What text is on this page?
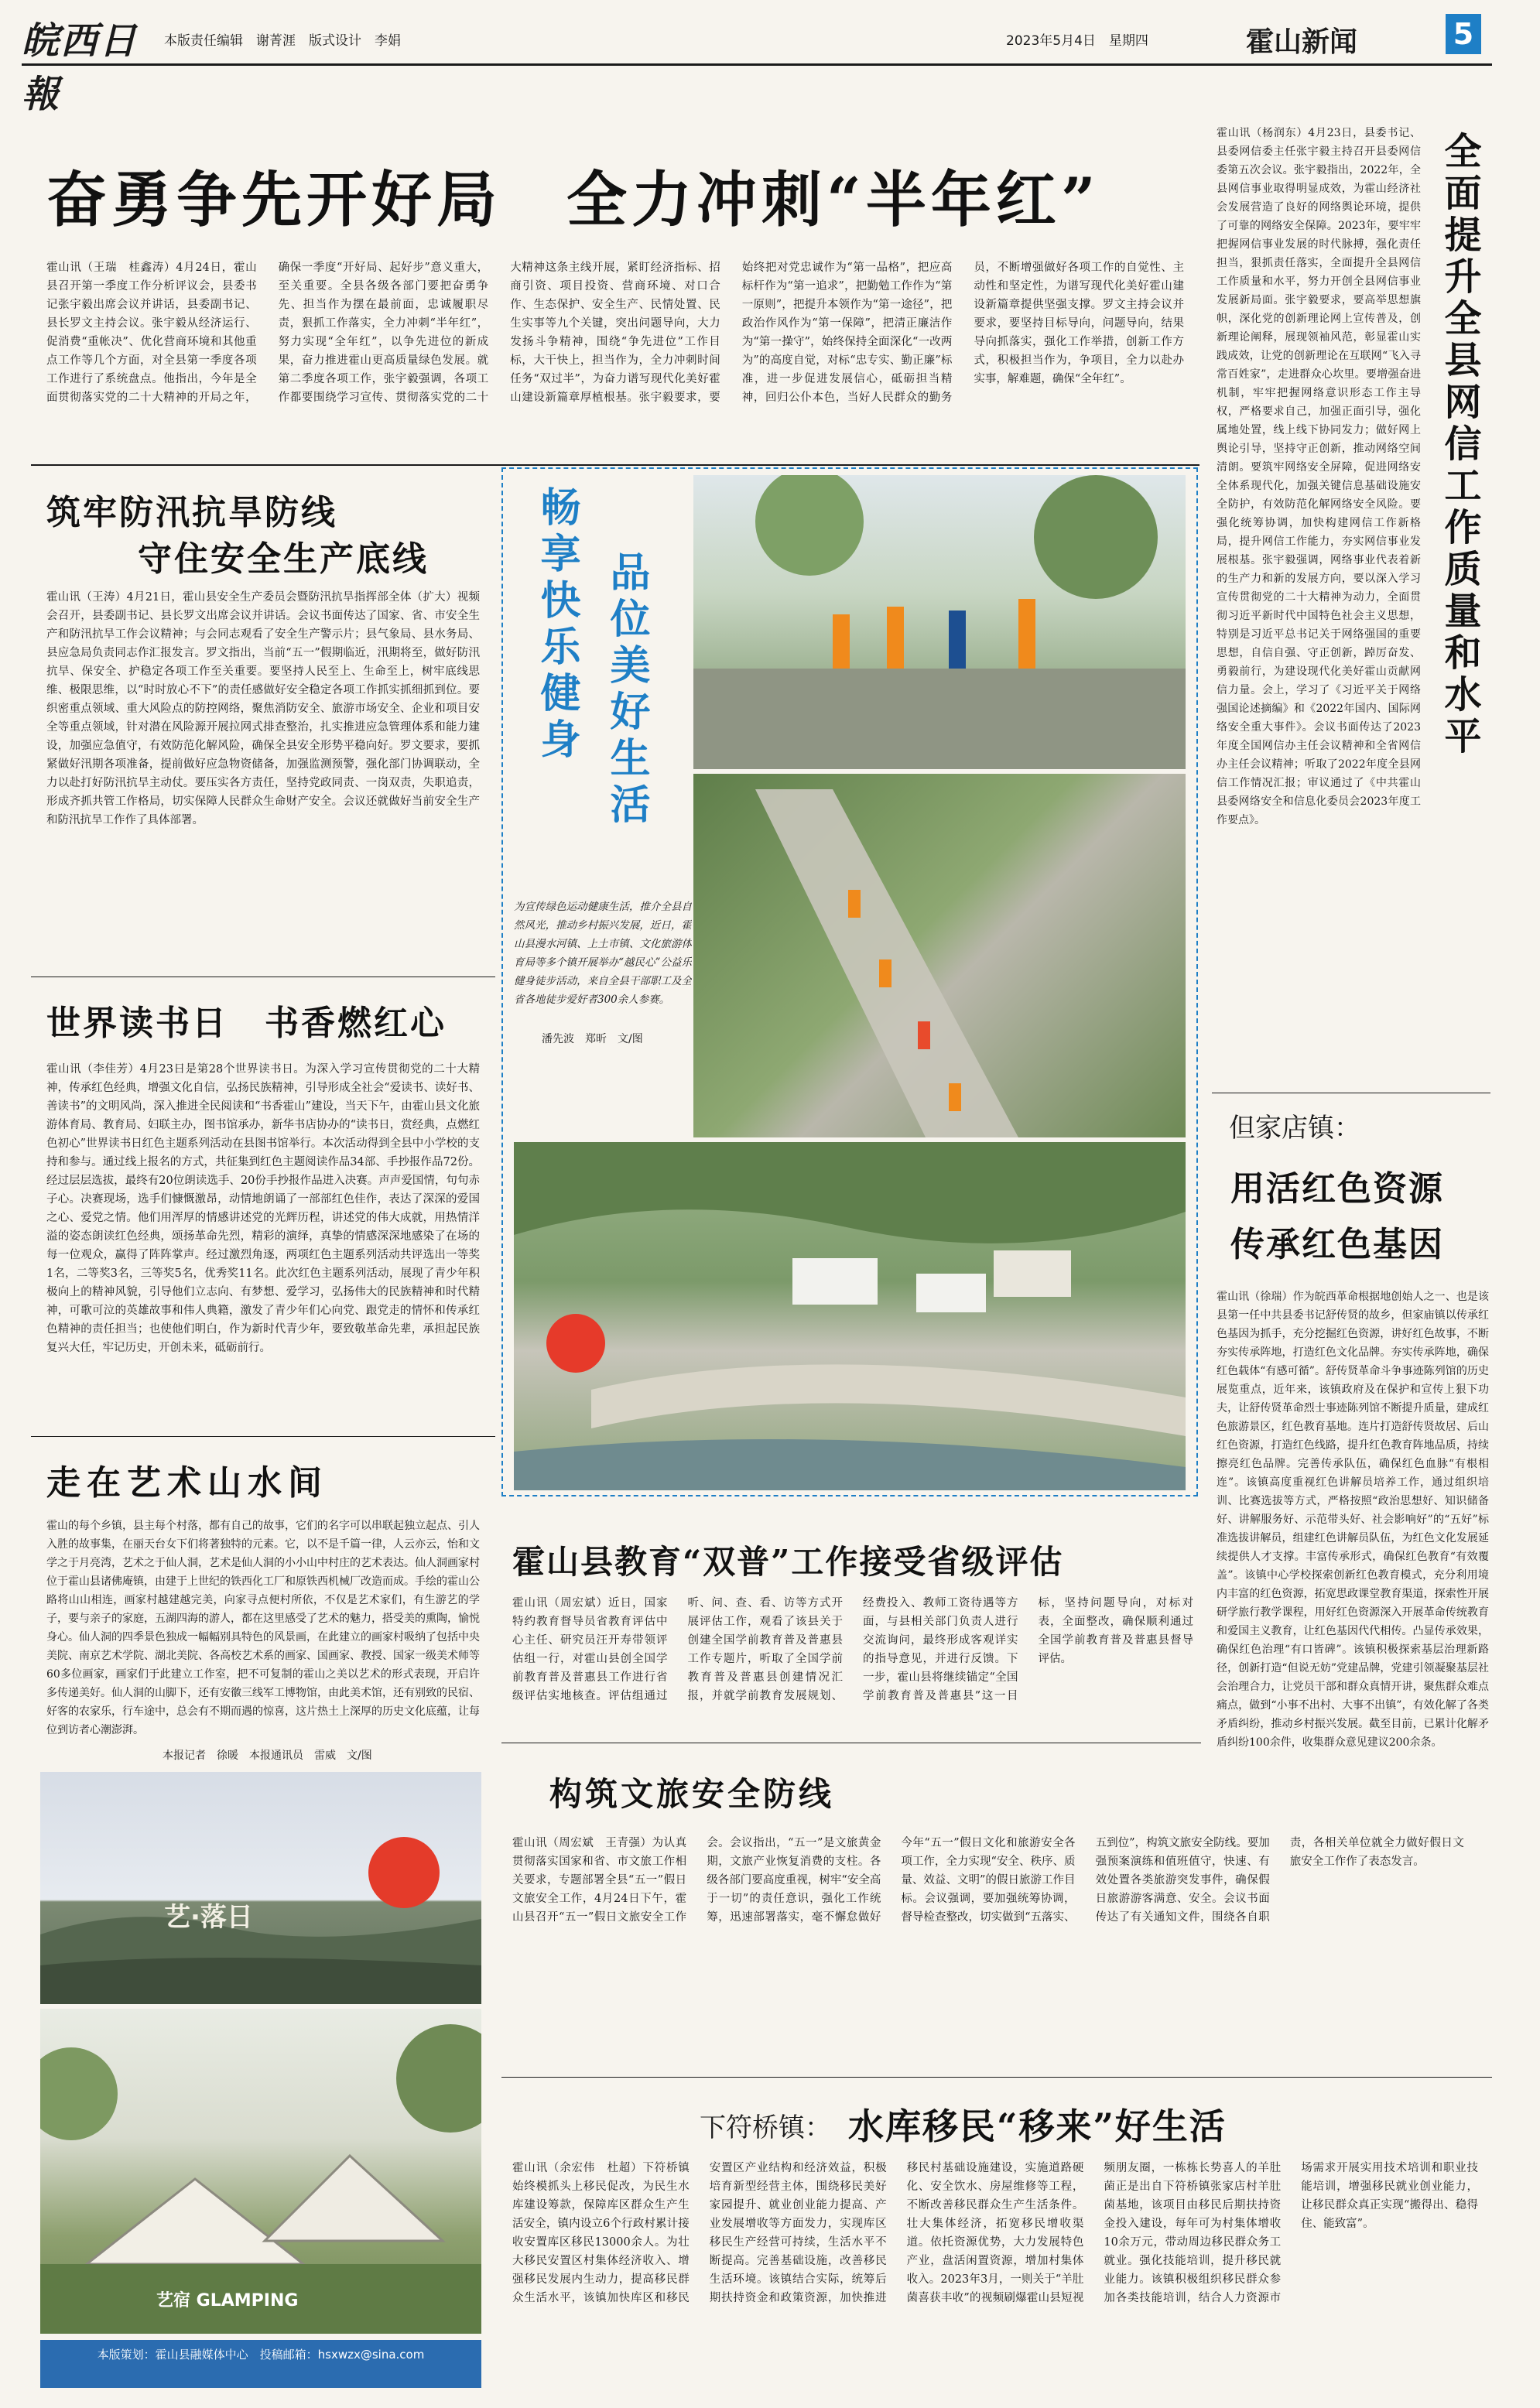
皖西日報
本版责任编辑　谢菁涯　版式设计　李娟	2023年5月4日　星期四	霍山新闻	5
奋勇争先开好局　全力冲刺“半年红”
霍山讯（王瑞　桂鑫涛）4月24日，霍山县召开第一季度工作分析评议会，县委书记张宇毅出席会议并讲话，县委副书记、县长罗文主持会议。张宇毅从经济运行、促消费“重帐决”、优化营商环境和其他重点工作等几个方面，对全县第一季度各项工作进行了系统盘点。他指出，今年是全面贯彻落实党的二十大精神的开局之年，确保一季度“开好局、起好步”意义重大，至关重要。全县各级各部门要把奋勇争先、担当作为摆在最前面，忠诚履职尽责，狠抓工作落实，全力冲刺“半年红”，努力实现“全年红”，以争先进位的新成果，奋力推进霍山更高质量绿色发展。就第二季度各项工作，张宇毅强调，各项工作都要围绕学习宣传、贯彻落实党的二十大精神这条主线开展，紧盯经济指标、招商引资、项目投资、营商环境、对口合作、生态保护、安全生产、民情处置、民生实事等九个关键，突出问题导向，大力发扬斗争精神，围绕“争先进位”工作目标，大干快上，担当作为，全力冲刺时间任务“双过半”，为奋力谱写现代化美好霍山建设新篇章厚植根基。张宇毅要求，要始终把对党忠诚作为“第一品格”，把应高标杆作为“第一追求”，把勤勉工作作为“第一原则”，把提升本领作为“第一途径”，把政治作风作为“第一保障”，把清正廉洁作为“第一操守”，始终保持全面深化“一改两为”的高度自觉，对标“忠专实、勤正廉”标准，进一步促进发展信心，砥砺担当精神，回归公仆本色，当好人民群众的勤务员，不断增强做好各项工作的自觉性、主动性和坚定性，为谱写现代化美好霍山建设新篇章提供坚强支撑。罗文主持会议并要求，要坚持目标导向，问题导向，结果导向抓落实，强化工作举措，创新工作方式，积极担当作为，争项目，全力以赴办实事，解难题，确保“全年红”。
筑牢防汛抗旱防线
守住安全生产底线
霍山讯（王涛）4月21日，霍山县安全生产委员会暨防汛抗旱指挥部全体（扩大）视频会召开，县委副书记、县长罗文出席会议并讲话。会议书面传达了国家、省、市安全生产和防汛抗旱工作会议精神；与会同志观看了安全生产警示片；县气象局、县水务局、县应急局负责同志作汇报发言。罗文指出，当前“五一”假期临近，汛期将至，做好防汛抗旱、保安全、护稳定各项工作至关重要。要坚持人民至上、生命至上，树牢底线思维、极限思维，以“时时放心不下”的责任感做好安全稳定各项工作抓实抓细抓到位。要织密重点领域、重大风险点的防控网络，聚焦消防安全、旅游市场安全、企业和项目安全等重点领域，针对潜在风险源开展拉网式排查整治，扎实推进应急管理体系和能力建设，加强应急值守，有效防范化解风险，确保全县安全形势平稳向好。罗文要求，要抓紧做好汛期各项准备，提前做好应急物资储备，加强监测预警，强化部门协调联动，全力以赴打好防汛抗旱主动仗。要压实各方责任，坚持党政同责、一岗双责，失职追责，形成齐抓共管工作格局，切实保障人民群众生命财产安全。会议还就做好当前安全生产和防汛抗旱工作作了具体部署。
世界读书日　书香燃红心
霍山讯（李佳芳）4月23日是第28个世界读书日。为深入学习宣传贯彻党的二十大精神，传承红色经典，增强文化自信，弘扬民族精神，引导形成全社会“爱读书、读好书、善读书”的文明风尚，深入推进全民阅读和“书香霍山”建设，当天下午，由霍山县文化旅游体育局、教育局、妇联主办，图书馆承办，新华书店协办的“读书日，赏经典，点燃红色初心”世界读书日红色主题系列活动在县图书馆举行。本次活动得到全县中小学校的支持和参与。通过线上报名的方式，共征集到红色主题阅读作品34部、手抄报作品72份。经过层层选拔，最终有20位朗读选手、20份手抄报作品进入决赛。声声爱国情，句句赤子心。决赛现场，选手们慷慨激昂，动情地朗诵了一部部红色佳作，表达了深深的爱国之心、爱党之情。他们用浑厚的情感讲述党的光辉历程，讲述党的伟大成就，用热情洋溢的姿态朗读红色经典，颂扬革命先烈，精彩的演绎，真挚的情感深深地感染了在场的每一位观众，赢得了阵阵掌声。经过激烈角逐，两项红色主题系列活动共评选出一等奖1名，二等奖3名，三等奖5名，优秀奖11名。此次红色主题系列活动，展现了青少年积极向上的精神风貌，引导他们立志向、有梦想、爱学习，弘扬伟大的民族精神和时代精神，可歌可泣的英雄故事和伟人典籍，激发了青少年们心向党、跟党走的情怀和传承红色精神的责任担当；也使他们明白，作为新时代青少年，要致敬革命先辈，承担起民族复兴大任，牢记历史，开创未来，砥砺前行。
走在艺术山水间
霍山的每个乡镇，县主每个村落，都有自己的故事，它们的名字可以串联起独立起点、引人入胜的故事集，在丽天台女下们将著独特的元素。它，以不是千篇一律，人云亦云，怡和文学之于月亮湾，艺术之于仙人洞，艺术是仙人洞的小小山中村庄的艺术表达。仙人洞画家村位于霍山县诸佛庵镇，由建于上世纪的铁西化工厂和原铁西机械厂改造而成。手绘的霍山公路将山山相连，画家村越建越完美，向家寻点便村所依，不仅是艺术家们，有生游艺的学子，要与亲子的家庭，五湖四海的游人，都在这里感受了艺术的魅力，搭受美的熏陶，愉悦身心。仙人洞的四季景色独成一幅幅别具特色的风景画，在此建立的画家村吸纳了包括中央美院、南京艺术学院、湖北美院、各高校艺术系的画家、国画家、教授、国家一级美术师等60多位画家，画家们于此建立工作室，把不可复制的霍山之美以艺术的形式表现，开启许多传递美好。仙人洞的山脚下，还有安徽三线军工博物馆，由此美术馆，还有别致的民宿、好客的农家乐，行车途中，总会有不期而遇的惊喜，这片热土上深厚的历史文化底蕴，让每位到访者心潮澎湃。
本报记者　徐暖　本报通讯员　雷威　文/图
艺·落日
艺宿 GLAMPING
本版策划：霍山县融媒体中心　投稿邮箱：hsxwzx@sina.com
畅享快乐健身 品位美好生活
为宣传绿色运动健康生活，推介全县自然风光，推动乡村振兴发展，近日，霍山县漫水河镇、上土市镇、文化旅游体育局等多个镇开展举办“越民心”公益乐健身徒步活动，来自全县干部职工及全省各地徒步爱好者300余人参赛。
潘先波　郑昕　文/图
霍山县教育“双普”工作接受省级评估
霍山讯（周宏斌）近日，国家特约教育督导员省教育评估中心主任、研究员汪开寿带领评估组一行，对霍山县创全国学前教育普及普惠县工作进行省级评估实地核查。评估组通过听、问、查、看、访等方式开展评估工作，观看了该县关于创建全国学前教育普及普惠县工作专题片，听取了全国学前教育普及普惠县创建情况汇报，并就学前教育发展规划、经费投入、教师工资待遇等方面，与县相关部门负责人进行交流询问，最终形成客观详实的指导意见，并进行反馈。下一步，霍山县将继续锚定“全国学前教育普及普惠县”这一目标，坚持问题导向，对标对表，全面整改，确保顺利通过全国学前教育普及普惠县督导评估。
构筑文旅安全防线
霍山讯（周宏斌　王青强）为认真贯彻落实国家和省、市文旅工作相关要求，专题部署全县“五一”假日文旅安全工作，4月24日下午，霍山县召开“五一”假日文旅安全工作会。会议指出，“五一”是文旅黄金期，文旅产业恢复消费的支柱。各级各部门要高度重视，树牢“安全高于一切”的责任意识，强化工作统筹，迅速部署落实，毫不懈怠做好今年“五一”假日文化和旅游安全各项工作，全力实现“安全、秩序、质量、效益、文明”的假日旅游工作目标。会议强调，要加强统筹协调，督导检查整改，切实做到“五落实、五到位”，构筑文旅安全防线。要加强预案演练和值班值守，快速、有效处置各类旅游突发事件，确保假日旅游游客满意、安全。会议书面传达了有关通知文件，围绕各自职责，各相关单位就全力做好假日文旅安全工作作了表态发言。
下符桥镇： 水库移民“移来”好生活
霍山讯（余宏伟　杜超）下符桥镇始终模抓头上移民促改，为民生水库建设筹款，保障库区群众生产生活安全，镇内设立6个行政村累计接收安置库区移民13000余人。为壮大移民安置区村集体经济收入、增强移民发展内生动力，提高移民群众生活水平，该镇加快库区和移民安置区产业结构和经济效益，积极培育新型经营主体，围绕移民美好家园提升、就业创业能力提高、产业发展增收等方面发力，实现库区移民生产经营可持续，生活水平不断提高。完善基础设施，改善移民生活环境。该镇结合实际，统筹后期扶持资金和政策资源，加快推进移民村基础设施建设，实施道路硬化、安全饮水、房屋维修等工程，不断改善移民群众生产生活条件。壮大集体经济，拓宽移民增收渠道。依托资源优势，大力发展特色产业，盘活闲置资源，增加村集体收入。2023年3月，一则关于“羊肚菌喜获丰收”的视频刷爆霍山县短视频朋友圈，一栋栋长势喜人的羊肚菌正是出自下符桥镇张家店村羊肚菌基地，该项目由移民后期扶持资金投入建设，每年可为村集体增收10余万元，带动周边移民群众务工就业。强化技能培训，提升移民就业能力。该镇积极组织移民群众参加各类技能培训，结合人力资源市场需求开展实用技术培训和职业技能培训，增强移民就业创业能力，让移民群众真正实现“搬得出、稳得住、能致富”。
全面提升全县网信工作质量和水平
霍山讯（杨润东）4月23日，县委书记、县委网信委主任张宇毅主持召开县委网信委第五次会议。张宇毅指出，2022年，全县网信事业取得明显成效，为霍山经济社会发展营造了良好的网络舆论环境，提供了可靠的网络安全保障。2023年，要牢牢把握网信事业发展的时代脉搏，强化责任担当，狠抓责任落实，全面提升全县网信工作质量和水平，努力开创全县网信事业发展新局面。张宇毅要求，要高举思想旗帜，深化党的创新理论网上宣传普及，创新理论阐释，展现领袖风范，彰显霍山实践成效，让党的创新理论在互联网“飞入寻常百姓家”，走进群众心坎里。要增强奋进机制，牢牢把握网络意识形态工作主导权，严格要求自己，加强正面引导，强化属地处置，线上线下协同发力；做好网上舆论引导，坚持守正创新，推动网络空间清朗。要筑牢网络安全屏障，促进网络安全体系现代化，加强关键信息基础设施安全防护，有效防范化解网络安全风险。要强化统筹协调，加快构建网信工作新格局，提升网信工作能力，夯实网信事业发展根基。张宇毅强调，网络事业代表着新的生产力和新的发展方向，要以深入学习宣传贯彻党的二十大精神为动力，全面贯彻习近平新时代中国特色社会主义思想，特别是习近平总书记关于网络强国的重要思想，自信自强、守正创新，踔厉奋发、勇毅前行，为建设现代化美好霍山贡献网信力量。会上，学习了《习近平关于网络强国论述摘编》和《2022年国内、国际网络安全重大事件》。会议书面传达了2023年度全国网信办主任会议精神和全省网信办主任会议精神；听取了2022年度全县网信工作情况汇报；审议通过了《中共霍山县委网络安全和信息化委员会2023年度工作要点》。
但家店镇：
用活红色资源
传承红色基因
霍山讯（徐瑞）作为皖西革命根据地创始人之一、也是该县第一任中共县委书记舒传贤的故乡，但家庙镇以传承红色基因为抓手，充分挖掘红色资源，讲好红色故事，不断夯实传承阵地，打造红色文化品牌。夯实传承阵地，确保红色载体“有感可循”。舒传贤革命斗争事迹陈列馆的历史展览重点，近年来，该镇政府及在保护和宣传上狠下功夫，让舒传贤革命烈士事迹陈列馆不断提升质量，建成红色旅游景区，红色教育基地。连片打造舒传贤故居、后山红色资源，打造红色线路，提升红色教育阵地品质，持续擦亮红色品牌。完善传承队伍，确保红色血脉“有根相连”。该镇高度重视红色讲解员培养工作，通过组织培训、比赛选拔等方式，严格按照“政治思想好、知识储备好、讲解服务好、示范带头好、社会影响好”的“五好”标准选拔讲解员，组建红色讲解员队伍，为红色文化发展延续提供人才支撑。丰富传承形式，确保红色教育“有效覆盖”。该镇中心学校探索创新红色教育模式，充分利用境内丰富的红色资源，拓宽思政课堂教育渠道，探索性开展研学旅行教学课程，用好红色资源深入开展革命传统教育和爱国主义教育，让红色基因代代相传。凸显传承效果，确保红色治理“有口皆碑”。该镇积极探索基层治理新路径，创新打造“但说无妨”党建品牌，党建引领凝聚基层社会治理合力，让党员干部和群众真情开讲，聚焦群众难点痛点，做到“小事不出村、大事不出镇”，有效化解了各类矛盾纠纷，推动乡村振兴发展。截至目前，已累计化解矛盾纠纷100余件，收集群众意见建议200余条。
